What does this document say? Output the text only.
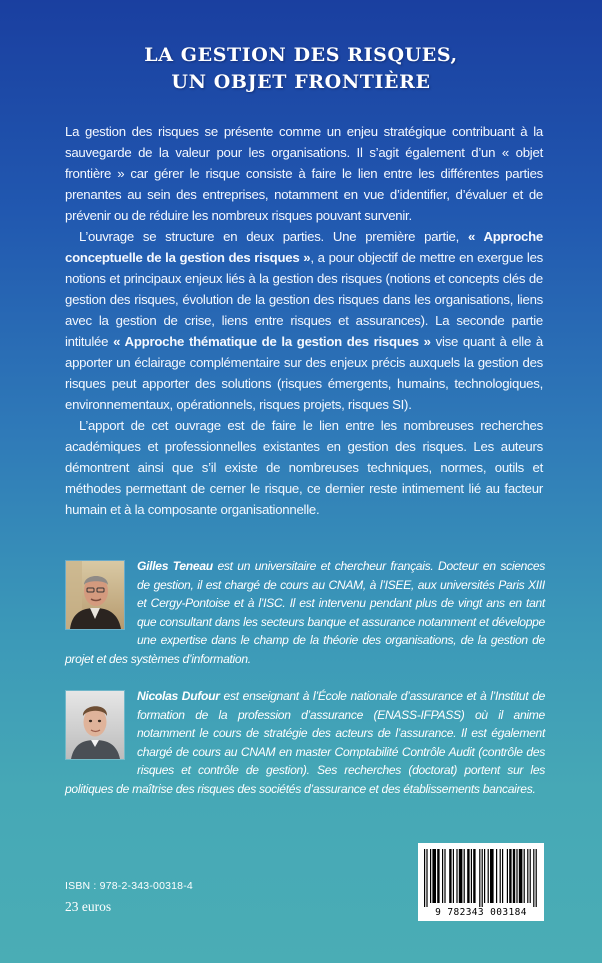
LA GESTION DES RISQUES,
UN OBJET FRONTIÈRE

La gestion des risques se présente comme un enjeu stratégique contribuant à la sauvegarde de la valeur pour les organisations. Il s’agit également d’un « objet frontière » car gérer le risque consiste à faire le lien entre les différentes parties prenantes au sein des entreprises, notamment en vue d’identifier, d’évaluer et de prévenir ou de réduire les nombreux risques pouvant survenir.

L’ouvrage se structure en deux parties. Une première partie, « Approche conceptuelle de la gestion des risques », a pour objectif de mettre en exergue les notions et principaux enjeux liés à la gestion des risques (notions et concepts clés de gestion des risques, évolution de la gestion des risques dans les organisations, liens avec la gestion de crise, liens entre risques et assurances). La seconde partie intitulée « Approche thématique de la gestion des risques » vise quant à elle à apporter un éclairage complémentaire sur des enjeux précis auxquels la gestion des risques peut apporter des solutions (risques émergents, humains, technologiques, environnementaux, opérationnels, risques projets, risques SI).

L’apport de cet ouvrage est de faire le lien entre les nombreuses recherches académiques et professionnelles existantes en gestion des risques. Les auteurs démontrent ainsi que s’il existe de nombreuses techniques, normes, outils et méthodes permettant de cerner le risque, ce dernier reste intimement lié au facteur humain et à la composante organisationnelle.

Gilles Teneau est un universitaire et chercheur français. Docteur en sciences de gestion, il est chargé de cours au CNAM, à l’ISEE, aux universités Paris XIII et Cergy-Pontoise et à l’ISC. Il est intervenu pendant plus de vingt ans en tant que consultant dans les secteurs banque et assurance notamment et développe une expertise dans le champ de la théorie des organisations, de la gestion de projet et des systèmes d’information.

Nicolas Dufour est enseignant à l’École nationale d’assurance et à l’Institut de formation de la profession d’assurance (ENASS-IFPASS) où il anime notamment le cours de stratégie des acteurs de l’assurance. Il est également chargé de cours au CNAM en master Comptabilité Contrôle Audit (contrôle des risques et contrôle de gestion). Ses recherches (doctorat) portent sur les politiques de maîtrise des risques des sociétés d’assurance et des établissements bancaires.

ISBN : 978-2-343-00318-4
23 euros	9 782343 003184
